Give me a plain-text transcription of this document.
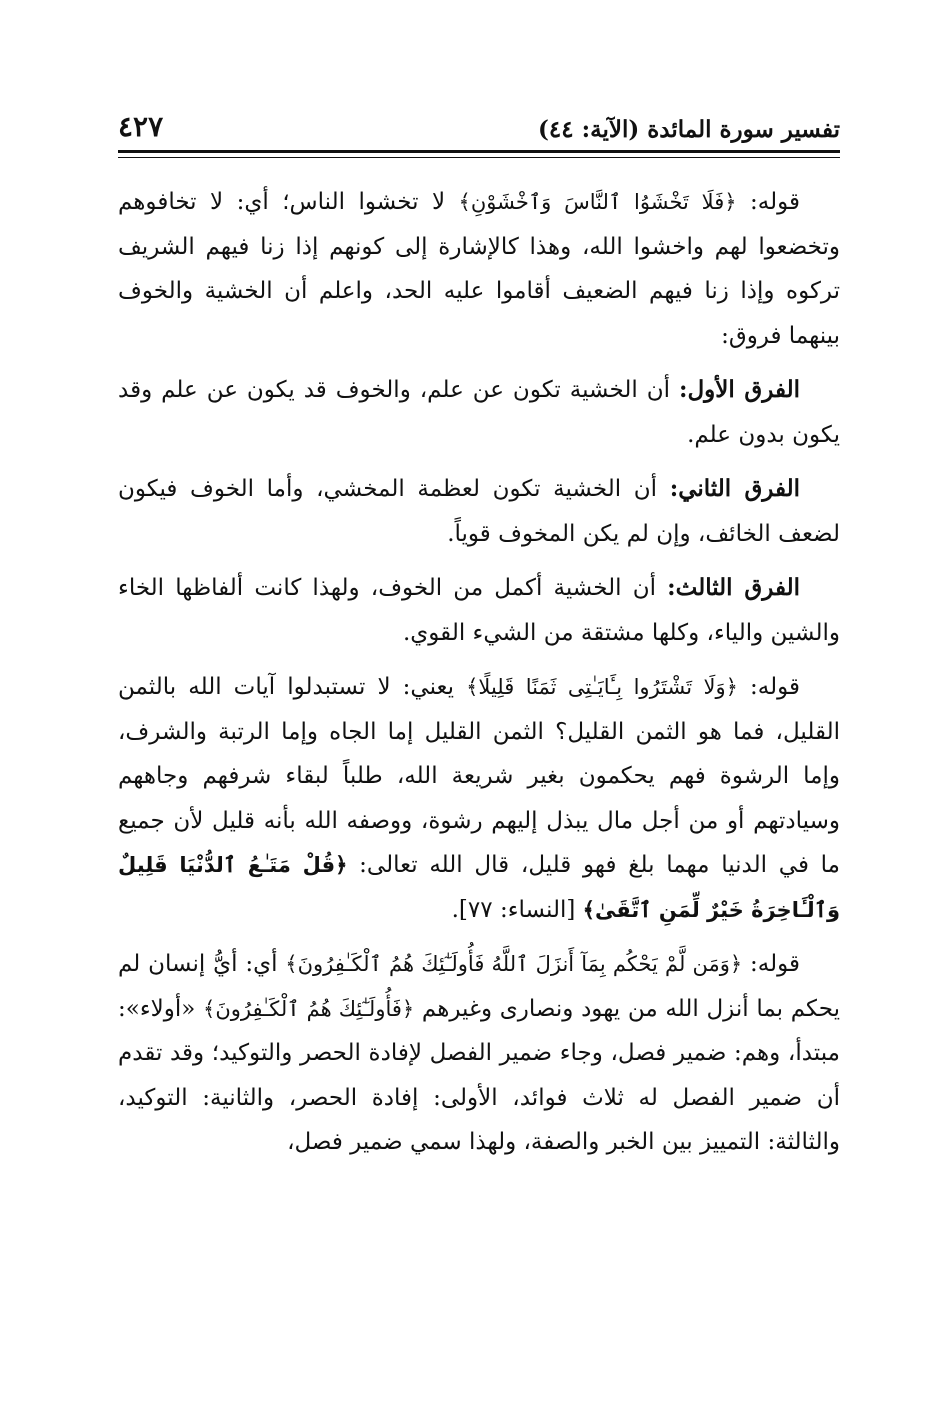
تفسير سورة المائدة (الآية: ٤٤)
٤٢٧

قوله: ﴿فَلَا تَخْشَوُا ٱلنَّاسَ وَٱخْشَوْنِ﴾ لا تخشوا الناس؛ أي: لا تخافوهم وتخضعوا لهم واخشوا الله، وهذا كالإشارة إلى كونهم إذا زنا فيهم الشريف تركوه وإذا زنا فيهم الضعيف أقاموا عليه الحد، واعلم أن الخشية والخوف بينهما فروق:

الفرق الأول: أن الخشية تكون عن علم، والخوف قد يكون عن علم وقد يكون بدون علم.

الفرق الثاني: أن الخشية تكون لعظمة المخشي، وأما الخوف فيكون لضعف الخائف، وإن لم يكن المخوف قوياً.

الفرق الثالث: أن الخشية أكمل من الخوف، ولهذا كانت ألفاظها الخاء والشين والياء، وكلها مشتقة من الشيء القوي.

قوله: ﴿وَلَا تَشْتَرُوا بِـَٔايَـٰتِى ثَمَنًا قَلِيلًا﴾ يعني: لا تستبدلوا آيات الله بالثمن القليل، فما هو الثمن القليل؟ الثمن القليل إما الجاه وإما الرتبة والشرف، وإما الرشوة فهم يحكمون بغير شريعة الله، طلباً لبقاء شرفهم وجاههم وسيادتهم أو من أجل مال يبذل إليهم رشوة، ووصفه الله بأنه قليل لأن جميع ما في الدنيا مهما بلغ فهو قليل، قال الله تعالى: ﴿قُلْ مَتَـٰعُ ٱلدُّنْيَا قَلِيلٌ وَٱلْـَٔاخِرَةُ خَيْرٌ لِّمَنِ ٱتَّقَىٰ﴾ [النساء: ٧٧].

قوله: ﴿وَمَن لَّمْ يَحْكُم بِمَآ أَنزَلَ ٱللَّهُ فَأُولَـٰٓئِكَ هُمُ ٱلْكَـٰفِرُونَ﴾ أي: أيُّ إنسان لم يحكم بما أنزل الله من يهود ونصارى وغيرهم ﴿فَأُولَـٰٓئِكَ هُمُ ٱلْكَـٰفِرُونَ﴾ «أولاء»: مبتدأ، وهم: ضمير فصل، وجاء ضمير الفصل لإفادة الحصر والتوكيد؛ وقد تقدم أن ضمير الفصل له ثلاث فوائد، الأولى: إفادة الحصر، والثانية: التوكيد، والثالثة: التمييز بين الخبر والصفة، ولهذا سمي ضمير فصل،
